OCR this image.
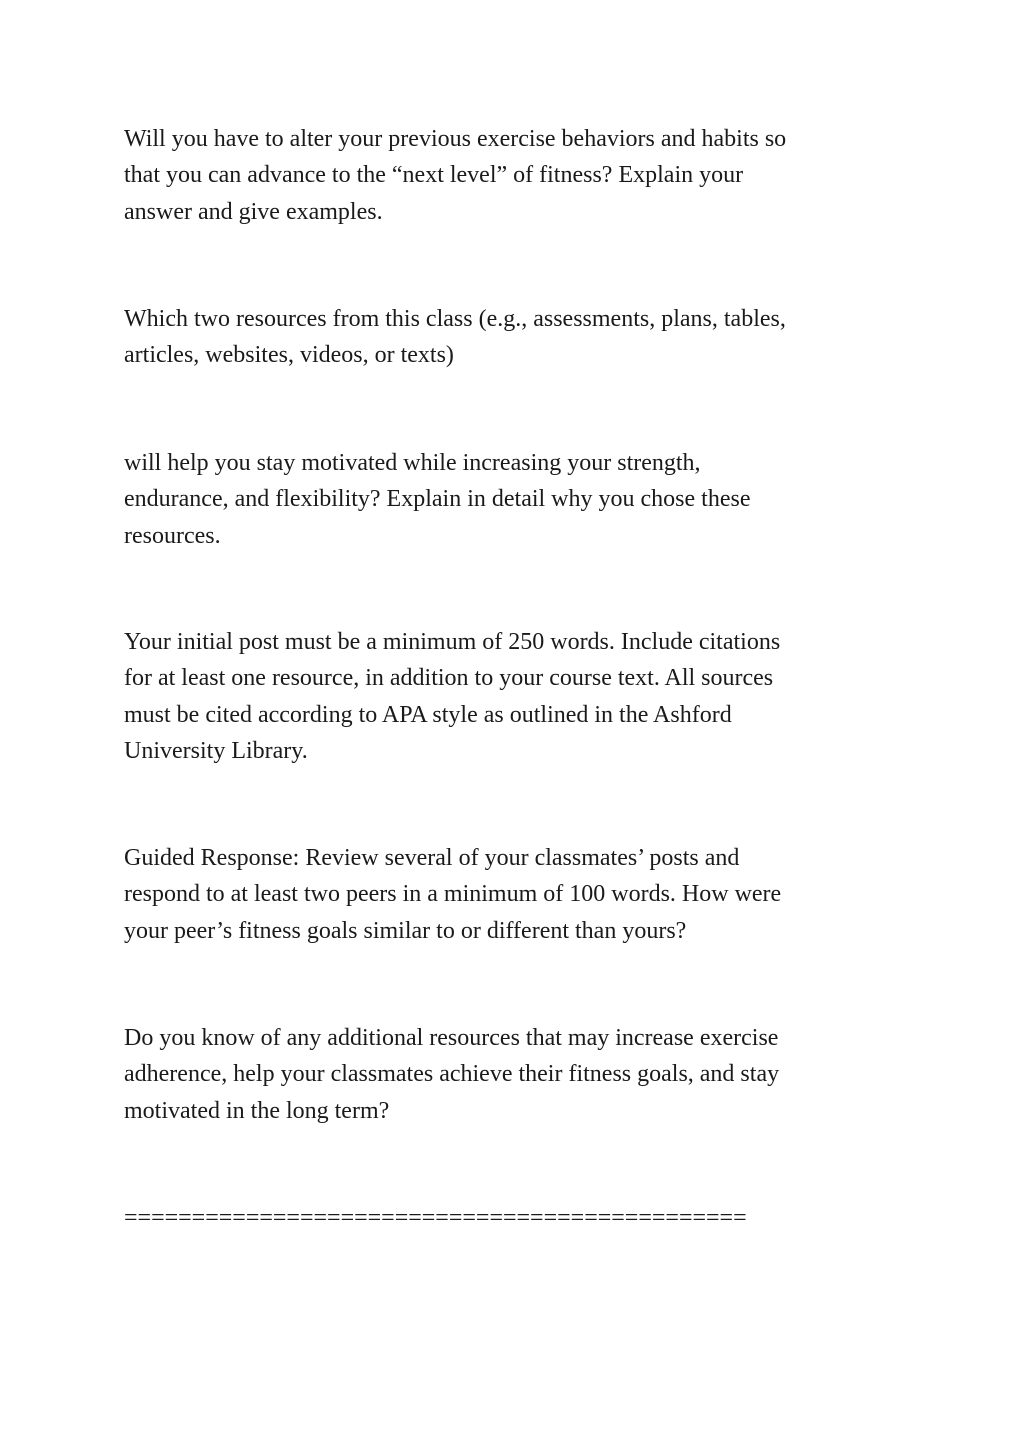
Will you have to alter your previous exercise behaviors and habits so
that you can advance to the “next level” of fitness? Explain your
answer and give examples.

Which two resources from this class (e.g., assessments, plans, tables,
articles, websites, videos, or texts)

will help you stay motivated while increasing your strength,
endurance, and flexibility? Explain in detail why you chose these
resources.

Your initial post must be a minimum of 250 words. Include citations
for at least one resource, in addition to your course text. All sources
must be cited according to APA style as outlined in the Ashford
University Library.

Guided Response: Review several of your classmates’ posts and
respond to at least two peers in a minimum of 100 words. How were
your peer’s fitness goals similar to or different than yours?

Do you know of any additional resources that may increase exercise
adherence, help your classmates achieve their fitness goals, and stay
motivated in the long term?

==============================================
